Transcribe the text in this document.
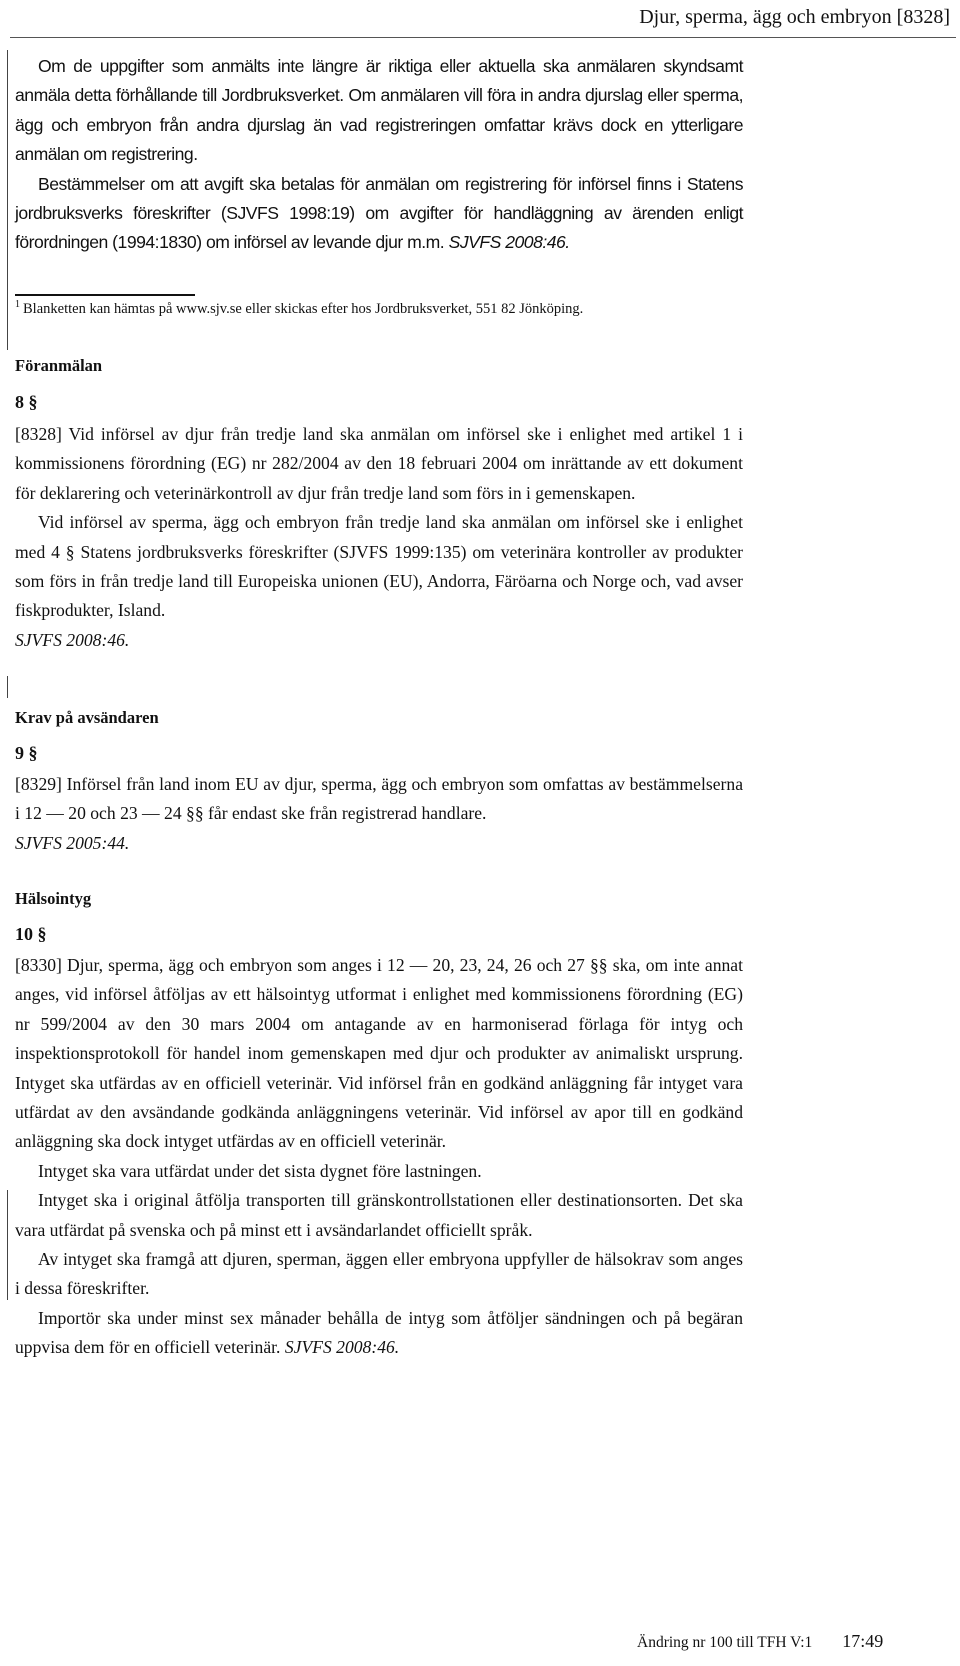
Djur, sperma, ägg och embryon [8328]

Om de uppgifter som anmälts inte längre är riktiga eller aktuella ska anmälaren skyndsamt anmäla detta förhållande till Jordbruksverket. Om anmälaren vill föra in andra djurslag eller sperma, ägg och embryon från andra djurslag än vad registreringen omfattar krävs dock en ytterligare anmälan om registrering.

Bestämmelser om att avgift ska betalas för anmälan om registrering för införsel finns i Statens jordbruksverks föreskrifter (SJVFS 1998:19) om avgifter för handläggning av ärenden enligt förordningen (1994:1830) om införsel av levande djur m.m. SJVFS 2008:46.

$^1$ Blanketten kan hämtas på www.sjv.se eller skickas efter hos Jordbruksverket, 551 82 Jönköping.
Föranmälan
8 §

[8328] Vid införsel av djur från tredje land ska anmälan om införsel ske i enlighet med artikel 1 i kommissionens förordning (EG) nr 282/2004 av den 18 februari 2004 om inrättande av ett dokument för deklarering och veterinärkontroll av djur från tredje land som förs in i gemenskapen.

Vid införsel av sperma, ägg och embryon från tredje land ska anmälan om införsel ske i enlighet med 4 § Statens jordbruksverks föreskrifter (SJVFS 1999:135) om veterinära kontroller av produkter som förs in från tredje land till Europeiska unionen (EU), Andorra, Färöarna och Norge och, vad avser fiskprodukter, Island.

SJVFS 2008:46.

Krav på avsändaren
9 §

[8329] Införsel från land inom EU av djur, sperma, ägg och embryon som omfattas av bestämmelserna i 12 — 20 och 23 — 24 §§ får endast ske från registrerad handlare.

SJVFS 2005:44.

Hälsointyg
10 §

[8330] Djur, sperma, ägg och embryon som anges i 12 — 20, 23, 24, 26 och 27 §§ ska, om inte annat anges, vid införsel åtföljas av ett hälsointyg utformat i enlighet med kommissionens förordning (EG) nr 599/2004 av den 30 mars 2004 om antagande av en harmoniserad förlaga för intyg och inspektionsprotokoll för handel inom gemenskapen med djur och produkter av animaliskt ursprung. Intyget ska utfärdas av en officiell veterinär. Vid införsel från en godkänd anläggning får intyget vara utfärdat av den avsändande godkända anläggningens veterinär. Vid införsel av apor till en godkänd anläggning ska dock intyget utfärdas av en officiell veterinär.

Intyget ska vara utfärdat under det sista dygnet före lastningen.

Intyget ska i original åtfölja transporten till gränskontrollstationen eller destinationsorten. Det ska vara utfärdat på svenska och på minst ett i avsändarlandet officiellt språk.

Av intyget ska framgå att djuren, sperman, äggen eller embryona uppfyller de hälsokrav som anges i dessa föreskrifter.

Importör ska under minst sex månader behålla de intyg som åtföljer sändningen och på begäran uppvisa dem för en officiell veterinär. SJVFS 2008:46.

Ändring nr 100 till TFH V:1 17:49
